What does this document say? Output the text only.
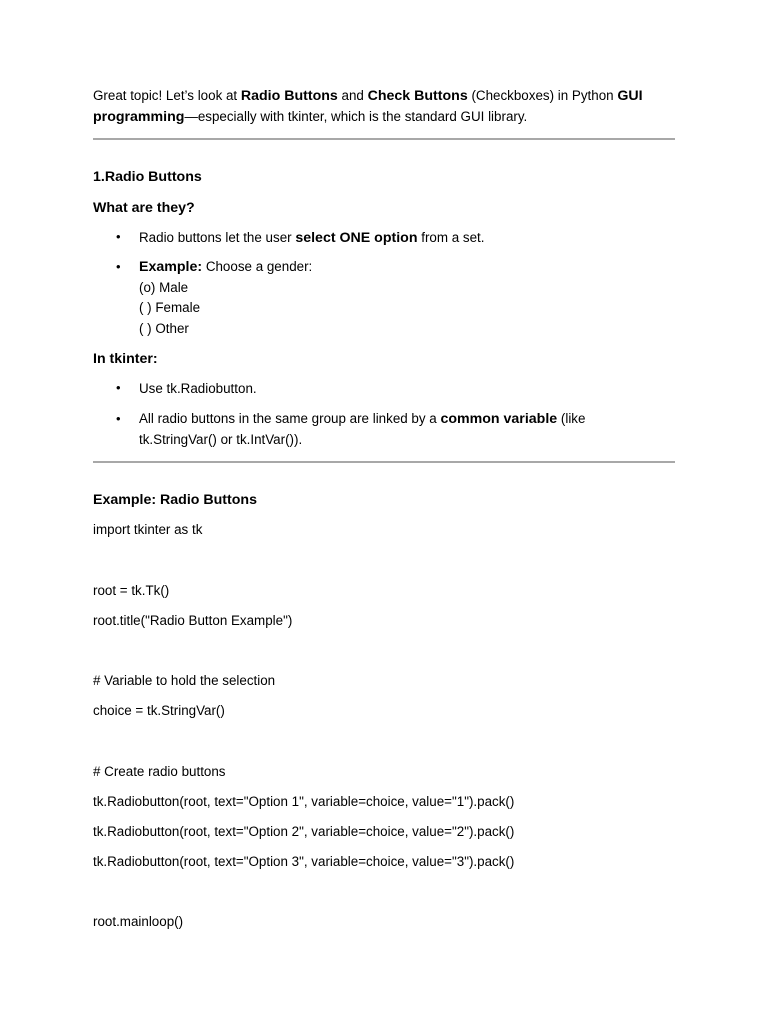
Great topic! Let’s look at Radio Buttons and Check Buttons (Checkboxes) in Python GUI
programming—especially with tkinter, which is the standard GUI library.

1.Radio Buttons

What are they?

• Radio buttons let the user select ONE option from a set.

• Example: Choose a gender:
(o) Male
( ) Female
( ) Other

In tkinter:

• Use tk.Radiobutton.

• All radio buttons in the same group are linked by a common variable (like
tk.StringVar() or tk.IntVar()).

Example: Radio Buttons

import tkinter as tk

root = tk.Tk()

root.title("Radio Button Example")

# Variable to hold the selection

choice = tk.StringVar()

# Create radio buttons

tk.Radiobutton(root, text="Option 1", variable=choice, value="1").pack()

tk.Radiobutton(root, text="Option 2", variable=choice, value="2").pack()

tk.Radiobutton(root, text="Option 3", variable=choice, value="3").pack()

root.mainloop()
